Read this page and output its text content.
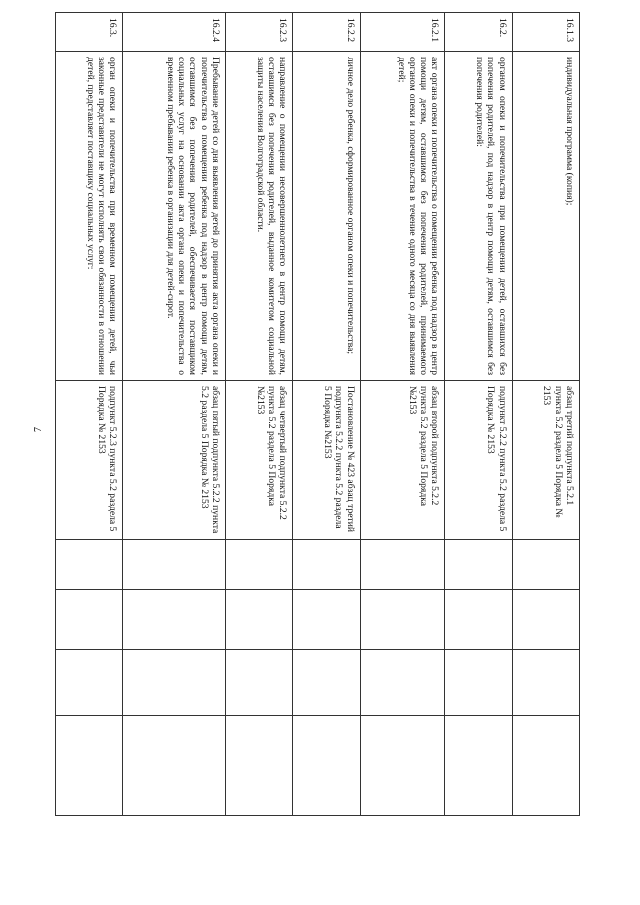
7
16.1.3	индивидуальная программа (копия);	абзац третий подпункта 5.2.1 пункта 5.2 раздела 5 Порядка № 2153				
16.2.	органом опеки и попечительства при помещении детей, оставшихся без попечения родителей, под надзор в центр помощи детям, оставшимся без попечения родителей:	подпункт 5.2.2 пункта 5.2 раздела 5 Порядка № 2153				
16.2.1	акт органа опеки и попечительства о помещении ребенка под надзор в центр помощи детям, оставшимся без попечения родителей, принимаемого органом опеки и попечительства в течение одного месяца со дня выявления детей;	абзац второй подпункта 5.2.2 пункта 5.2 раздела 5 Порядка №2153				
16.2.2	личное дело ребенка, сформированное органом опеки и попечительства;	Постановление № 423 абзац третий подпункта 5.2.2 пункта 5.2 раздела 5 Порядка №2153				
16.2.3	направление о помещении несовершеннолетнего в центр помощи детям, оставшимся без попечения родителей, выданное комитетом социальной защиты населения Волгоградской области.	абзац четвертый подпункта 5.2.2 пункта 5.2 раздела 5 Порядка №2153				
16.2.4	Пребывание детей со дня выявления детей до принятия акта органа опеки и попечительства о помещении ребенка под надзор в центр помощи детям, оставшимся без попечения родителей, обеспечивается поставщиком социальных услуг на основании акта органа опеки и попечительства о временном пребывании ребенка в организации для детей-сирот.	абзац пятый подпункта 5.2.2 пункта 5.2 раздела 5 Порядка № 2153				
16.3.	орган опеки и попечительства при временном помещении детей, чьи законные представители не могут исполнять свои обязанности в отношении детей, представляет поставщику социальных услуг:	подпункт 5.2.3 пункта 5.2 раздела 5 Порядка № 2153				
